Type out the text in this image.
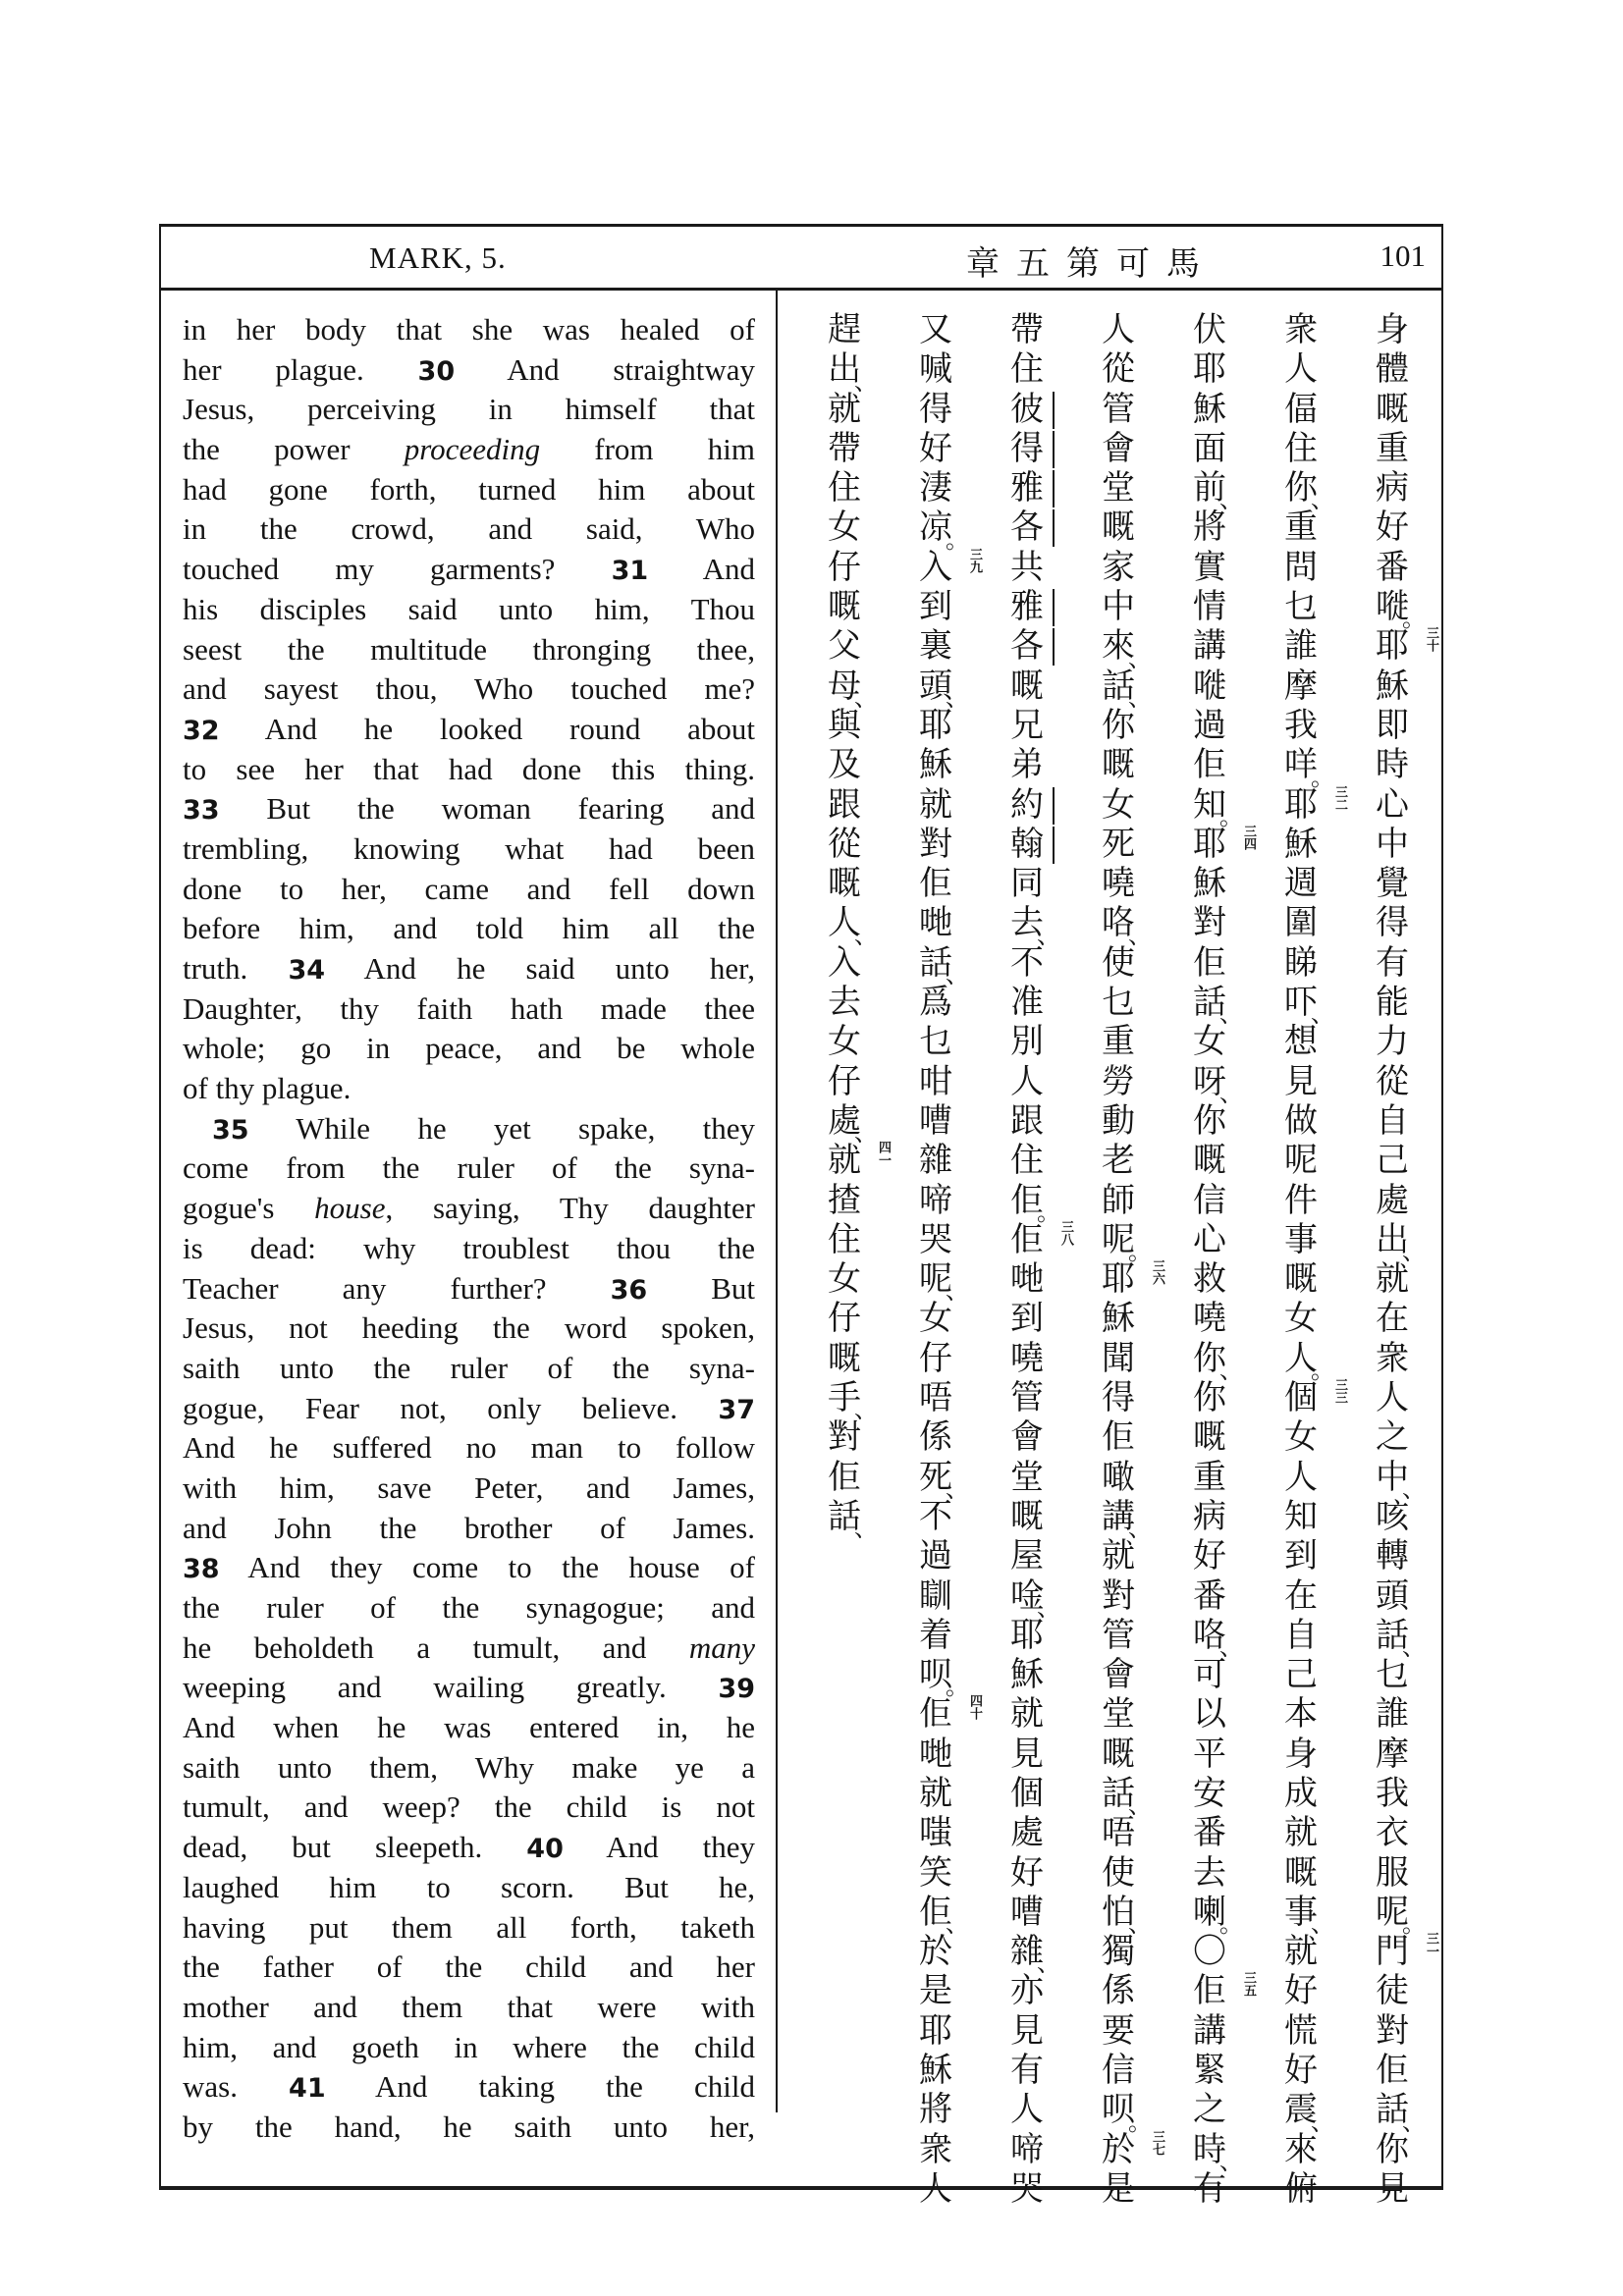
MARK, 5.	章五第可馬	101
in her body that she was healed of
her plague. 30 And straightway
Jesus, perceiving in himself that
the power proceeding from him
had gone forth, turned him about
in the crowd, and said, Who
touched my garments? 31 And
his disciples said unto him, Thou
seest the multitude thronging thee,
and sayest thou, Who touched me?
32 And he looked round about
to see her that had done this thing.
33 But the woman fearing and
trembling, knowing what had been
done to her, came and fell down
before him, and told him all the
truth. 34 And he said unto her,
Daughter, thy faith hath made thee
whole; go in peace, and be whole
of thy plague.
35 While he yet spake, they
come from the ruler of the syna-
gogue's house, saying, Thy daughter
is dead: why troublest thou the
Teacher any further? 36 But
Jesus, not heeding the word spoken,
saith unto the ruler of the syna-
gogue, Fear not, only believe. 37
And he suffered no man to follow
with him, save Peter, and James,
and John the brother of James.
38 And they come to the house of
the ruler of the synagogue; and
he beholdeth a tumult, and many
weeping and wailing greatly. 39
And when he was entered in, he
saith unto them, Why make ye a
tumult, and weep? the child is not
dead, but sleepeth. 40 And they
laughed him to scorn. But he,
having put them all forth, taketh
the father of the child and her
mother and them that were with
him, and goeth in where the child
was. 41 And taking the child
by the hand, he saith unto her,
身
體
嘅
重
病
好
番
嘥
。
耶 三十
穌
即
時
心
中
覺
得
有
能
力
從
自
己
處
出
、
就
在
衆
人
之
中
、
咳
轉
頭
話
、
乜
誰
摩
我
衣
服
呢
。
門 三一
徒
對
佢
話
、
你
見
衆
人
偪
住
你
、
重
問
乜
誰
摩
我
咩
。
耶 三二
穌
週
圍
睇
吓
、
想
見
做
呢
件
事
嘅
女
人
。
個 三三
女
人
知
到
在
自
己
本
身
成
就
嘅
事
、
就
好
慌
好
震
、
來
俯
伏
耶
穌
面
前
、
將
實
情
講
嘥
過
佢
知
。
耶 三四
穌
對
佢
話
、
女
呀
、
你
嘅
信
心
救
嘵
你
、
你
嘅
重
病
好
番
咯
、
可
以
平
安
番
去
喇
。
〇
佢 三五
講
緊
之
時
、
有
人
從
管
會
堂
嘅
家
中
來
、
話
、
你
嘅
女
死
嘵
咯
、
使
乜
重
勞
動
老
師
呢
。
耶 三六
穌
聞
得
佢
噉
講
、
就
對
管
會
堂
嘅
話
、
唔
使
怕
、
獨
係
要
信
呗
。
於 三七
是
帶
住
彼
得
雅
各
共
雅
各
嘅
兄
弟
約
翰
同
去
、
不
准
別
人
跟
住
佢
。
佢 三八
哋
到
嘵
管
會
堂
嘅
屋
唫
、
耶
穌
就
見
個
處
好
嘈
雜
、
亦
見
有
人
啼
哭
又
喊
得
好
淒
凉
。
入 三九
到
裏
頭
、
耶
穌
就
對
佢
哋
話
、
爲
乜
咁
嘈
雜
啼
哭
呢
、
女
仔
唔
係
死
、
不
過
瞓
着
呗
。
佢 四十
哋
就
嗤
笑
佢
、
於
是
耶
穌
將
衆
人
趕
出
、
就
帶
住
女
仔
嘅
父
母
、
與
及
跟
從
嘅
人
、
入
去
女
仔
處
、
就 四一
揸
住
女
仔
嘅
手
、
對
佢
話
、
